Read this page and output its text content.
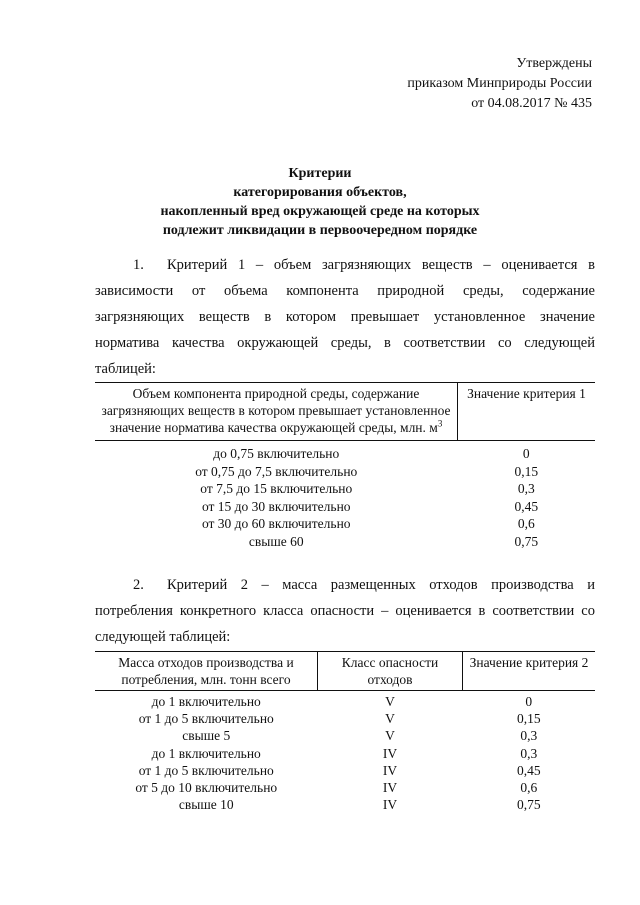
Утверждены
приказом Минприроды России
от 04.08.2017 № 435
Критерии
категорирования объектов,
накопленный вред окружающей среде на которых
подлежит ликвидации в первоочередном порядке
1. Критерий 1 – объем загрязняющих веществ – оценивается в зависимости от объема компонента природной среды, содержание загрязняющих веществ в котором превышает установленное значение норматива качества окружающей среды, в соответствии со следующей таблицей:
Объем компонента природной среды, содержание загрязняющих веществ в котором превышает установленное значение норматива качества окружающей среды, млн. $м^3$	Значение критерия 1
до 0,75 включительно	0
от 0,75 до 7,5 включительно	0,15
от 7,5 до 15 включительно	0,3
от 15 до 30 включительно	0,45
от 30 до 60 включительно	0,6
свыше 60	0,75
2. Критерий 2 – масса размещенных отходов производства и потребления конкретного класса опасности – оценивается в соответствии со следующей таблицей:
Масса отходов производства и потребления, млн. тонн всего	Класс опасности отходов	Значение критерия 2
до 1 включительно	V	0
от 1 до 5 включительно	V	0,15
свыше 5	V	0,3
до 1 включительно	IV	0,3
от 1 до 5 включительно	IV	0,45
от 5 до 10 включительно	IV	0,6
свыше 10	IV	0,75
